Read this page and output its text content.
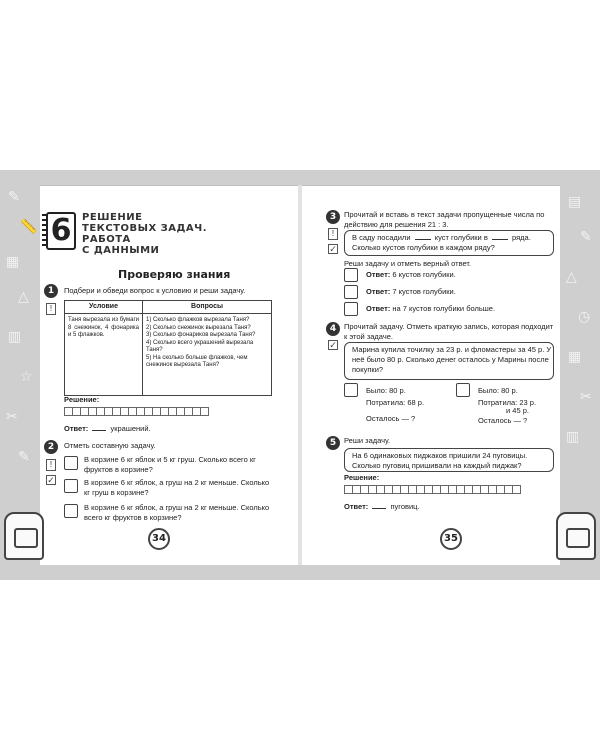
✎
📏
▦
△
▥
☆
✂
✎
▤
✎
△
◷
▦
✂
▥
6	РЕШЕНИЕ
ТЕКСТОВЫХ ЗАДАЧ.
РАБОТА
С ДАННЫМИ
Проверяю знания
1
!
Подбери и обведи вопрос к условию и реши задачу.
Условие	Вопросы
Таня вырезала из бумаги 8 снежинок, 4 фонарика и 5 флажков.	1) Сколько флажков вырезала Таня?
2) Сколько снежинок вырезала Таня?
3) Сколько фонариков вырезала Таня?
4) Сколько всего украшений вырезала Таня?
5) На сколько больше флажков, чем снежинок вырезала Таня?
Решение:
Ответ:	украшений.
2
!
✓
Отметь составную задачу.
В корзине 6 кг яблок и 5 кг груш. Сколько всего кг фруктов в корзине?
В корзине 6 кг яблок, а груш на 2 кг меньше. Сколько кг груш в корзине?
В корзине 6 кг яблок, а груш на 2 кг меньше. Сколько всего кг фруктов в корзине?
34
3
!
✓
Прочитай и вставь в текст задачи пропущенные числа по действию для решения 21 : 3.
В саду посадили	куст голубики в	ряда. Сколько кустов голубики в каждом ряду?
Реши задачу и отметь верный ответ.
Ответ: 6 кустов голубики.
Ответ: 7 кустов голубики.
Ответ: на 7 кустов голубики больше.
4
✓
Прочитай задачу. Отметь краткую запись, которая подходит к этой задаче.
Марина купила точилку за 23 р. и фломастеры за 45 р. У неё было 80 р. Сколько денег осталось у Марины после покупки?
Было: 80 р.
Потратила: 68 р.
Осталось — ?
Было: 80 р.
Потратила: 23 р.
и 45 р.
Осталось — ?
5	Реши задачу.
На 6 одинаковых пиджаков пришили 24 пуговицы. Сколько пуговиц пришивали на каждый пиджак?
Решение:
Ответ:	пуговиц.
35
